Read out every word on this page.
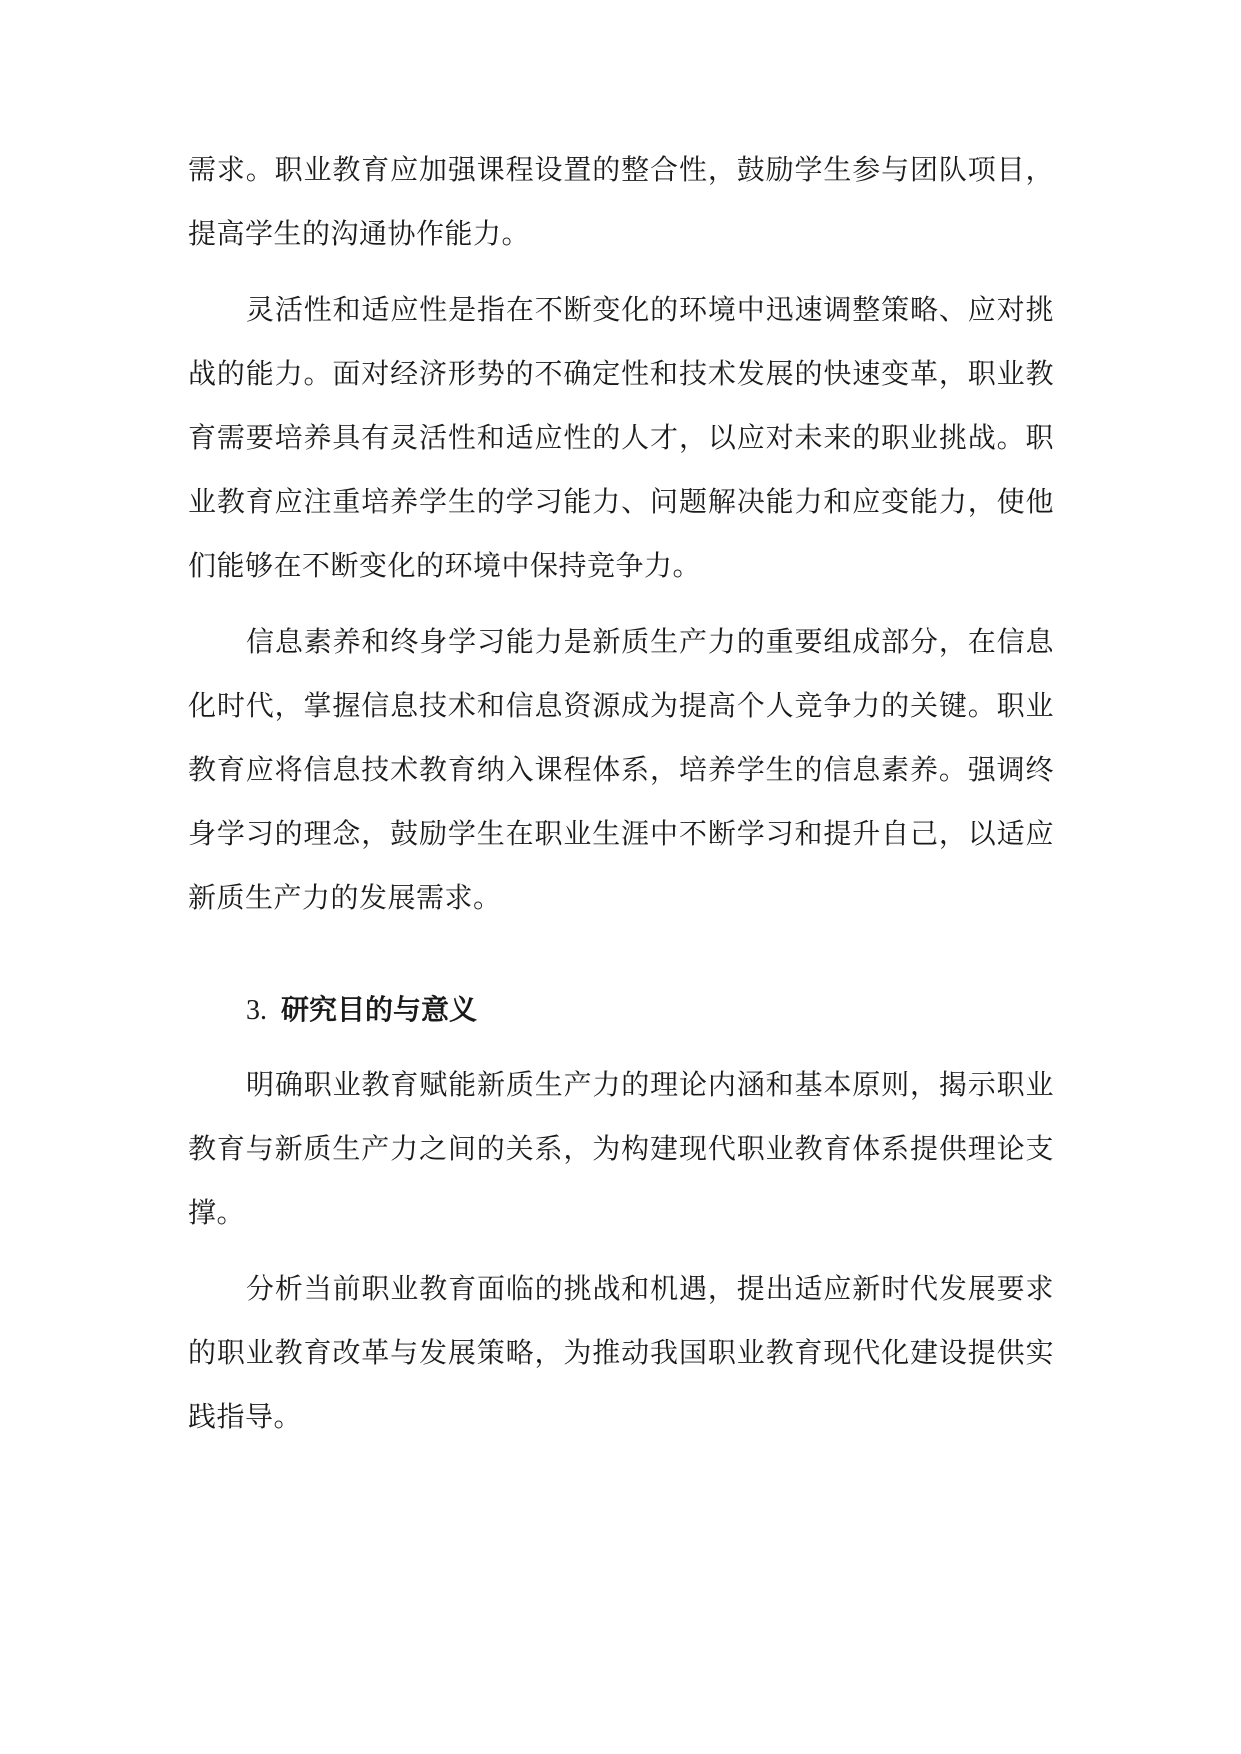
需求。职业教育应加强课程设置的整合性，鼓励学生参与团队项目，提高学生的沟通协作能力。

灵活性和适应性是指在不断变化的环境中迅速调整策略、应对挑战的能力。面对经济形势的不确定性和技术发展的快速变革，职业教育需要培养具有灵活性和适应性的人才，以应对未来的职业挑战。职业教育应注重培养学生的学习能力、问题解决能力和应变能力，使他们能够在不断变化的环境中保持竞争力。

信息素养和终身学习能力是新质生产力的重要组成部分，在信息化时代，掌握信息技术和信息资源成为提高个人竞争力的关键。职业教育应将信息技术教育纳入课程体系，培养学生的信息素养。强调终身学习的理念，鼓励学生在职业生涯中不断学习和提升自己，以适应新质生产力的发展需求。

3. 研究目的与意义

明确职业教育赋能新质生产力的理论内涵和基本原则，揭示职业教育与新质生产力之间的关系，为构建现代职业教育体系提供理论支撑。

分析当前职业教育面临的挑战和机遇，提出适应新时代发展要求的职业教育改革与发展策略，为推动我国职业教育现代化建设提供实践指导。
